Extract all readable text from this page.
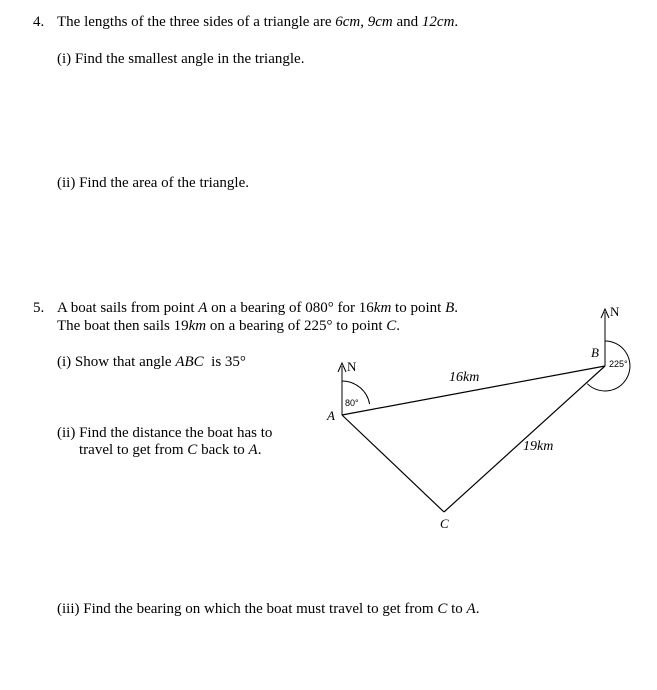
4. The lengths of the three sides of a triangle are 6cm, 9cm and 12cm.
(i) Find the smallest angle in the triangle.
(ii) Find the area of the triangle.
5. A boat sails from point A on a bearing of 080° for 16km to point B.
The boat then sails 19km on a bearing of 225° to point C.
(i) Show that angle ABC  is 35°
(ii) Find the distance the boat has to
travel to get from C back to A.
(iii) Find the bearing on which the boat must travel to get from C to A.
N
N
80°
225°
A
B
C
16km
19km
